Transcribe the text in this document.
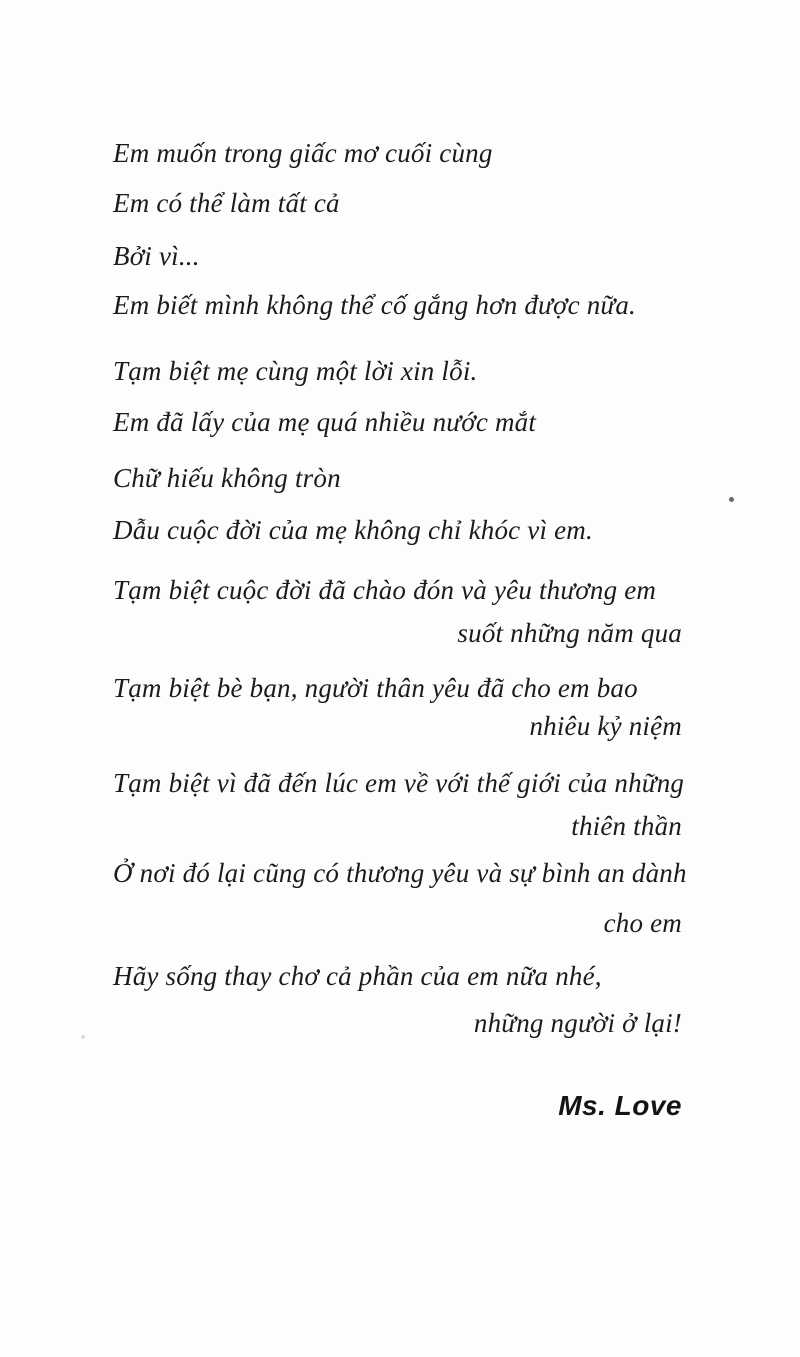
Em muốn trong giấc mơ cuối cùng
Em có thể làm tất cả
Bởi vì...
Em biết mình không thể cố gắng hơn được nữa.
Tạm biệt mẹ cùng một lời xin lỗi.
Em đã lấy của mẹ quá nhiều nước mắt
Chữ hiếu không tròn
Dẫu cuộc đời của mẹ không chỉ khóc vì em.
Tạm biệt cuộc đời đã chào đón và yêu thương em
suốt những năm qua
Tạm biệt bè bạn, người thân yêu đã cho em bao
nhiêu kỷ niệm
Tạm biệt vì đã đến lúc em về với thế giới của những
thiên thần
Ở nơi đó lại cũng có thương yêu và sự bình an dành
cho em
Hãy sống thay chơ cả phần của em nữa nhé,
những người ở lại!
Ms. Love
